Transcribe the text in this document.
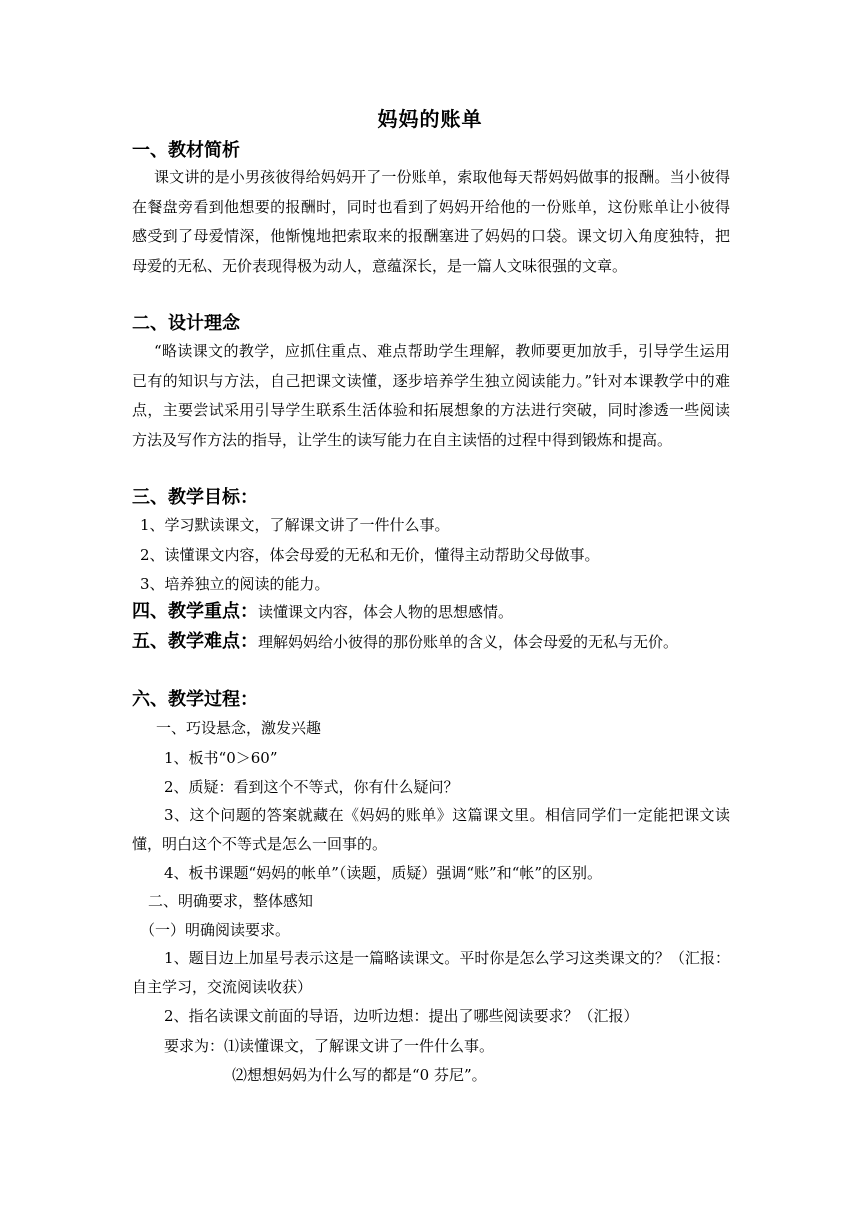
妈妈的账单
一、教材简析
课文讲的是小男孩彼得给妈妈开了一份账单，索取他每天帮妈妈做事的报酬。当小彼得在餐盘旁看到他想要的报酬时，同时也看到了妈妈开给他的一份账单，这份账单让小彼得感受到了母爱情深，他惭愧地把索取来的报酬塞进了妈妈的口袋。课文切入角度独特，把母爱的无私、无价表现得极为动人，意蕴深长，是一篇人文味很强的文章。
二、设计理念
“略读课文的教学，应抓住重点、难点帮助学生理解，教师要更加放手，引导学生运用已有的知识与方法，自己把课文读懂，逐步培养学生独立阅读能力。”针对本课教学中的难点，主要尝试采用引导学生联系生活体验和拓展想象的方法进行突破，同时渗透一些阅读方法及写作方法的指导，让学生的读写能力在自主读悟的过程中得到锻炼和提高。
三、教学目标：
1、学习默读课文，了解课文讲了一件什么事。
2、读懂课文内容，体会母爱的无私和无价，懂得主动帮助父母做事。
3、培养独立的阅读的能力。
四、教学重点：读懂课文内容，体会人物的思想感情。
五、教学难点：理解妈妈给小彼得的那份账单的含义，体会母爱的无私与无价。
六、教学过程：
一、巧设悬念，激发兴趣
1、板书“0＞60”
2、质疑：看到这个不等式，你有什么疑问？
3、这个问题的答案就藏在《妈妈的账单》这篇课文里。相信同学们一定能把课文读懂，明白这个不等式是怎么一回事的。
4、板书课题“妈妈的帐单”（读题，质疑）强调“账”和“帐”的区别。
二、明确要求，整体感知
（一）明确阅读要求。
1、题目边上加星号表示这是一篇略读课文。平时你是怎么学习这类课文的？（汇报：自主学习，交流阅读收获）
2、指名读课文前面的导语，边听边想：提出了哪些阅读要求？（汇报）
要求为：⑴读懂课文，了解课文讲了一件什么事。
⑵想想妈妈为什么写的都是“0 芬尼”。
